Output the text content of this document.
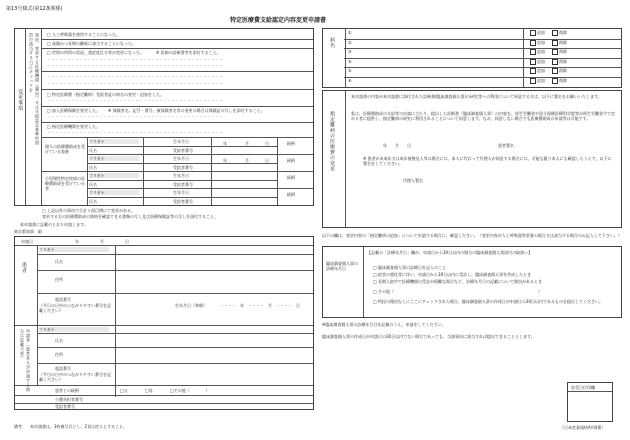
第13号様式(第12条関係)
特定医療費支給認定内容変更申請書
変更事項	事由、変更する医療機関（薬局）又は支給認定基準世帯員の該当する□にチェックを	□ 人工呼吸器を使用することになった。　　　　　　　　　　　　　　　　　　　　　　　　　　　　　　　　
□ 高額かつ長期の継続に該当することになった。
□ 世帯の所得の状況、重症度区分等が変更になった。　　　※ 医師の診断書等を添付すること。
・・・・・・・・・・・・・・・・・・・・・・・・・・・・・・・・・・・・・・・・・・・・
・・・・・・・・・・・・・・・・・・・・・・・・・・・・・・・・・・・・・・・・・・・・
・・・・・・・・・・・・・・・・・・・・・・・・・・・・・・・・・・・・・・・・・・・・
・・・・・・・・・・・・・・・・・・・・・・・・・・・・・・・・・・・・・・・・・・・・
□ 特定医療費（指定難病）受給者証の病名の変更・追加をした。
・・・・・・・・・・・・・・・・・・・・・・・・・・・・・・・・・・・・・・・・・・・・
□ 加入医療保険を変更した。　　※ 保険者名、記号・番号、被保険者名等の変更の場合は保険証の写しを添付すること。
・・・・・・・・・・・・・・・・・・・・・・・・・・・・・・・・・・・・・・・・・・・・
□ 指定医療機関を変更した。
・・・・・・・・・・・・・・・・・・・・・・・・・・・・・・・・・・・・・・・・・・・・
個人の医療費助成を受けている家族
フリガナ	生年月日	年	月	日	続柄
氏名	受給者番号
フリガナ	生年月日	年	月	日	続柄
氏名	受給者番号
小児慢性特定疾病の医療費助成を受けている者
フリガナ	生年月日	続柄
氏名	受給者番号
フリガナ	生年月日	続柄
氏名	受給者番号
□ 上記以外の事由で合計１項目増にて変更がある。
変更する方の医療費助成の資格を確認できる書類の写し及び医療保険証等の写しを添付すること。
病名
①	追加	削除
②	追加	削除
③	追加	削除
④	追加	削除
⑤	追加	削除
⑥	追加	削除
指定難病の医療費の変更
本申請書の内容が本申請書に添付された診断書(臨床調査個人票)の研究等への利用について同意する方は、以下に署名をお願いいたします。
私は、医療費助成の支給等の申請に当たり、提出した診断書（臨床調査個人票）の内容を、厚生労働省や国立保健医療科学院等が厚生労働省令で定める者に提供し、指定難病の研究に利用されることについて同意します。なお、同意しない場合でも医療費助成の申請等は可能です。
年　　月　　日	患者署名
※ 患者が未成年又は成年被後見人等の場合には、本人に代わって代理人が同意する場合には、可能な限り本人にも確認したうえで、以下に署名をしてください。
代理人署名
本申請書に記載のとおり申請します。
東京都知事　殿
申請日	年	月	日
患者
フリガナ
氏名
住所
電話番号
（平日の日中のつながりやすい番号を記載ください）
生年月日（和暦）	・・・・　年　・・・・　月　・・・・　日
申請者（患者本人が申請する場合は記載不要）	フリガナ
氏名
住所
電話番号
（平日の日中のつながりやすい番号を記載ください）
患者との続柄	□父	□母	□その他（　　　　）
公費負担者番号
受給者番号
以下の欄は、変更内容の「指定難病の追加」について申請する場合に、確認ください。（変更内容が人工呼吸器等装着の場合又は該当する場合のみ記入して下さい。）
臨床調査個人票の診療年月日
【記載の「診療年月日」欄が、申請日から30日以内の場合の臨床調査個人票添付の取扱い】
□ 臨床調査個人票の診療日を記入のこと
□ 症状の悪化等に伴い、申請日から30日以内に受診し、臨床調査個人票を作成したとき
□ 長期入院中で医療機関の受診が困難な場合など、診療年月日の記載について理由があるとき
□ その他（　　　　　　　　　　　　　　　　　　　　　　　　　　　　　　　　　　　　）
□ 特段の理由なしにここにチェックされた場合、臨床調査個人票の作成日が申請日の30日以内であるものを提出してください。
※臨床調査個人票の診療年月日を記載のうえ、申請をしてください。
臨床調査個人票の作成日が申請日の30日以内でない場合であっても、当該事由に該当すれば提出できることとします。
収受日付印欄
備考 本申請書は、3枚複写式とし、2頁は控えとすること。	（日本産業規格A列4番）
